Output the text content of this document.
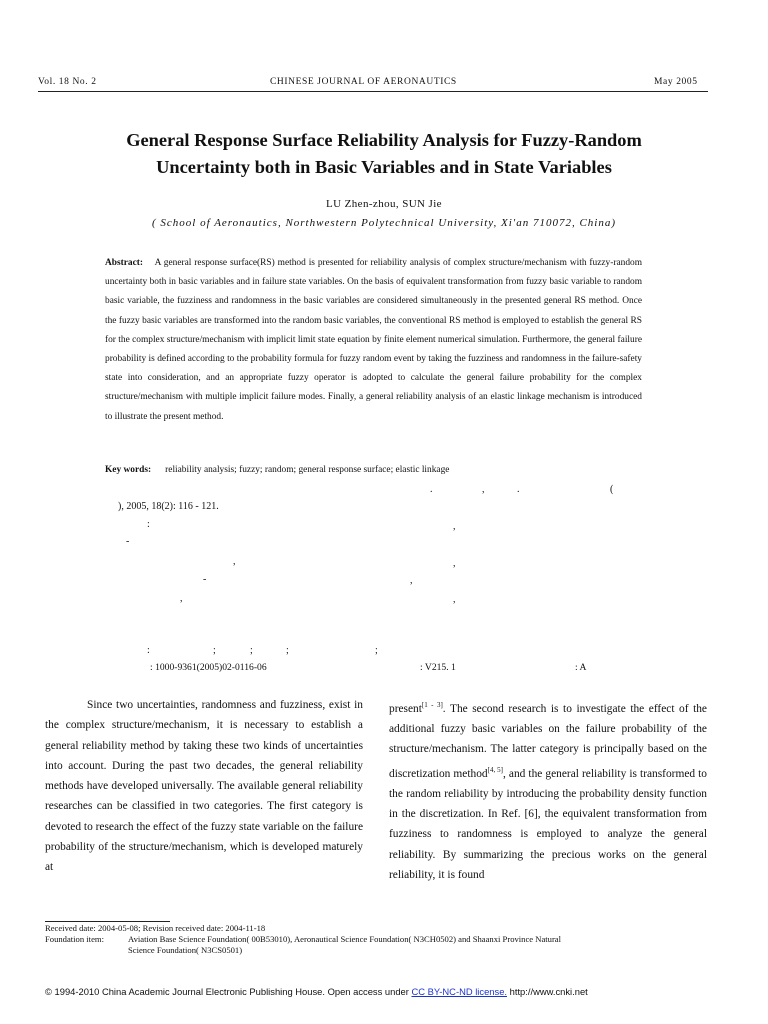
Vol. 18 No. 2	CHINESE JOURNAL OF AERONAUTICS	May 2005
General Response Surface Reliability Analysis for Fuzzy-Random
Uncertainty both in Basic Variables and in State Variables
LU Zhen-zhou, SUN Jie
( School of Aeronautics, Northwestern Polytechnical University, Xi′an 710072, China)
Abstract: A general response surface(RS) method is presented for reliability analysis of complex structure/mechanism with fuzzy-random uncertainty both in basic variables and in failure state variables. On the basis of equivalent transformation from fuzzy basic variable to random basic variable, the fuzziness and randomness in the basic variables are considered simultaneously in the presented general RS method. Once the fuzzy basic variables are transformed into the random basic variables, the conventional RS method is employed to establish the general RS for the complex structure/mechanism with implicit limit state equation by finite element numerical simulation. Furthermore, the general failure probability is defined according to the probability formula for fuzzy random event by taking the fuzziness and randomness in the failure-safety state into consideration, and an appropriate fuzzy operator is adopted to calculate the general failure probability for the complex structure/mechanism with multiple implicit failure modes. Finally, a general reliability analysis of an elastic linkage mechanism is introduced to illustrate the present method.
Key words: reliability analysis; fuzzy; random; general response surface; elastic linkage
.	,	.	(
:	,
-
,	,
-	,
,	,
:	;	;	;	;
), 2005, 18(2): 116 - 121.
: 1000-9361(2005)02-0116-06	: V215. 1	: A

Since two uncertainties, randomness and fuzziness, exist in the complex structure/mechanism, it is necessary to establish a general reliability method by taking these two kinds of uncertainties into account. During the past two decades, the general reliability methods have developed universally. The available general reliability researches can be classified in two categories. The first category is devoted to research the effect of the fuzzy state variable on the failure probability of the structure/mechanism, which is developed maturely at

present[1 - 3]. The second research is to investigate the effect of the additional fuzzy basic variables on the failure probability of the structure/mechanism. The latter category is principally based on the discretization method[4, 5], and the general reliability is transformed to the random reliability by introducing the probability density function in the discretization. In Ref. [6], the equivalent transformation from fuzziness to randomness is employed to analyze the general reliability. By summarizing the precious works on the general reliability, it is found

Received date: 2004-05-08; Revision received date: 2004-11-18
Foundation item:	Aviation Base Science Foundation( 00B53010), Aeronautical Science Foundation( N3CH0502) and Shaanxi Province Natural
Science Foundation( N3CS0501)
© 1994-2010 China Academic Journal Electronic Publishing House. Open access under CC BY-NC-ND license. http://www.cnki.net
